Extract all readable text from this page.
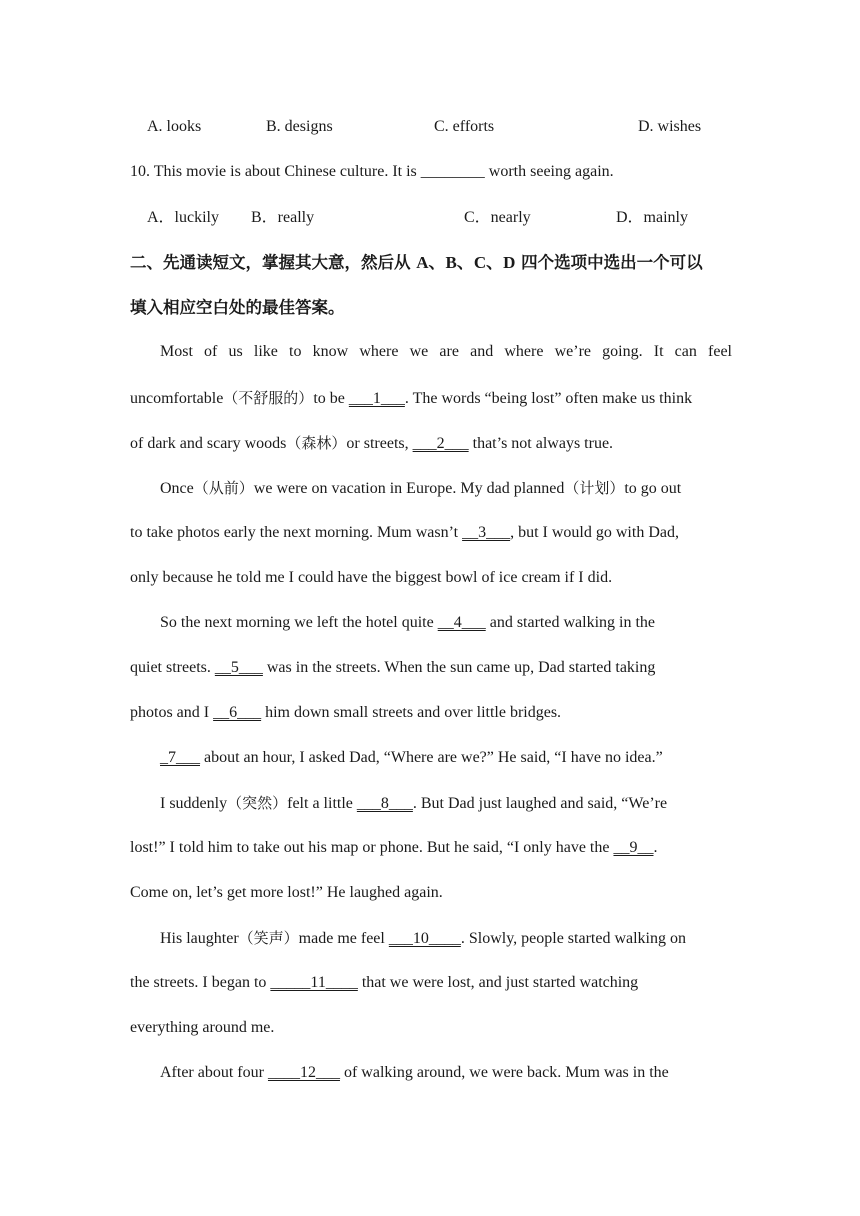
A. looks	B. designs	C. efforts	D. wishes
10. This movie is about Chinese culture. It is ________ worth seeing again.
A．luckily B．really	C．nearly	D．mainly
二、先通读短文，掌握其大意，然后从 A、B、C、D 四个选项中选出一个可以
填入相应空白处的最佳答案。
Most of us like to know where we are and where we’re going. It can feel
uncomfortable（不舒服的）to be ___1___. The words “being lost” often make us think
of dark and scary woods（森林）or streets, ___2___ that’s not always true.
Once（从前）we were on vacation in Europe. My dad planned（计划）to go out
to take photos early the next morning. Mum wasn’t __3___, but I would go with Dad,
only because he told me I could have the biggest bowl of ice cream if I did.
So the next morning we left the hotel quite __4___ and started walking in the
quiet streets. __5___ was in the streets. When the sun came up, Dad started taking
photos and I __6___ him down small streets and over little bridges.
_7___ about an hour, I asked Dad, “Where are we?” He said, “I have no idea.”
I suddenly（突然）felt a little ___8___. But Dad just laughed and said, “We’re
lost!” I told him to take out his map or phone. But he said, “I only have the __9__.
Come on, let’s get more lost!” He laughed again.
His laughter（笑声）made me feel ___10____. Slowly, people started walking on
the streets. I began to _____11____ that we were lost, and just started watching
everything around me.
After about four ____12___ of walking around, we were back. Mum was in the
